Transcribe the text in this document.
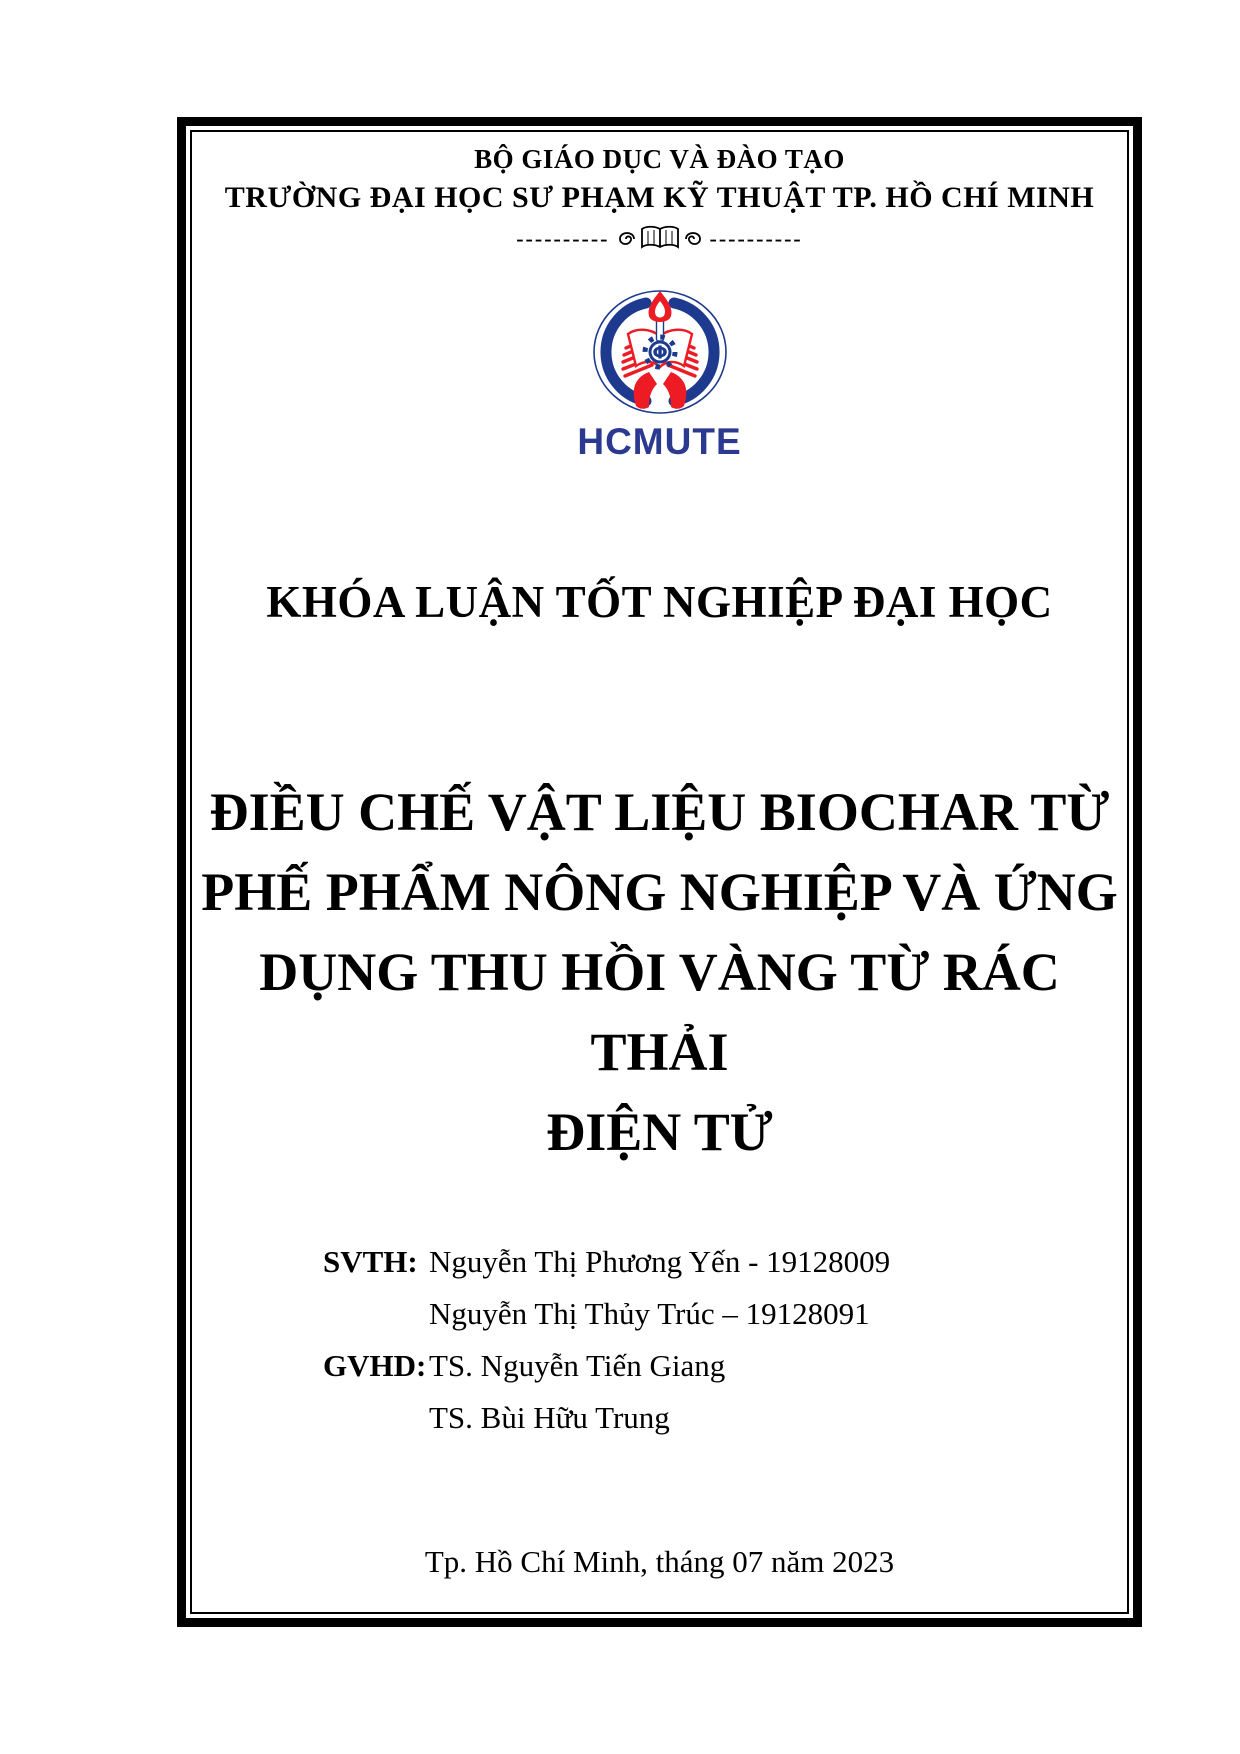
BỘ GIÁO DỤC VÀ ĐÀO TẠO
TRƯỜNG ĐẠI HỌC SƯ PHẠM KỸ THUẬT TP. HỒ CHÍ MINH
----------	----------
Φ
HCMUTE
KHÓA LUẬN TỐT NGHIỆP ĐẠI HỌC
ĐIỀU CHẾ VẬT LIỆU BIOCHAR TỪ
PHẾ PHẨM NÔNG NGHIỆP VÀ ỨNG
DỤNG THU HỒI VÀNG TỪ RÁC THẢI
ĐIỆN TỬ
SVTH: Nguyễn Thị Phương Yến - 19128009
Nguyễn Thị Thủy Trúc – 19128091
GVHD: TS. Nguyễn Tiến Giang
TS. Bùi Hữu Trung
Tp. Hồ Chí Minh, tháng 07 năm 2023
